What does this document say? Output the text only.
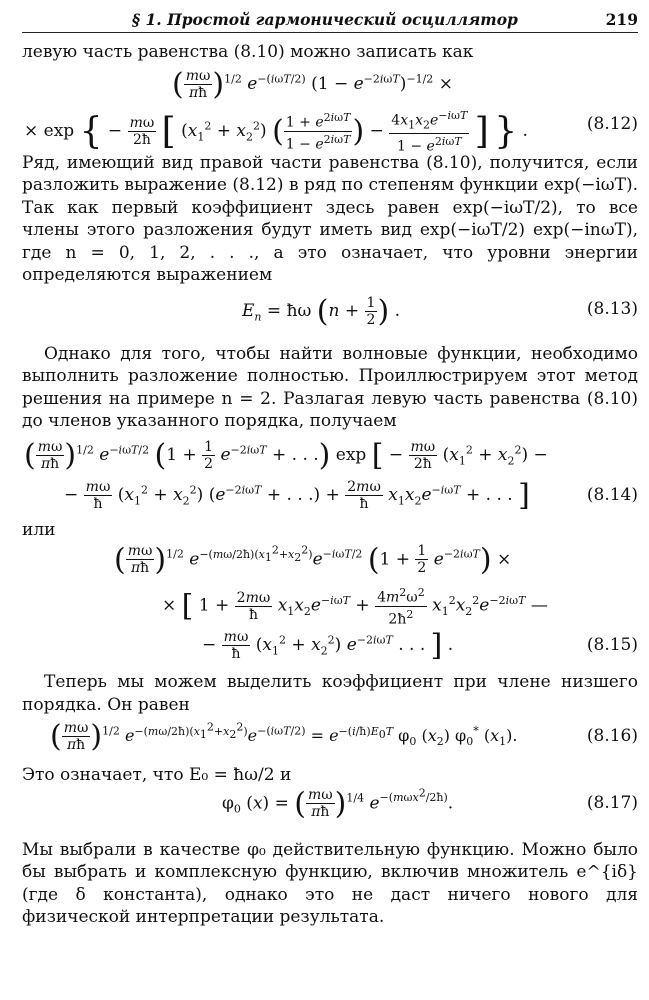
§ 1. Простой гармонический осциллятор	219

левую часть равенства (8.10) можно записать как

( $\frac{m\omega}{\pi ħ} )^{1/2}$ $e^{-(i\omega T/2)}$ $(1 - e^{-2i\omega T})^{-1/2}$ ×
× exp { − $\frac{m\omega}{2ħ}$ [ $(x_1^2 + x_2^2)$ ( $\frac{1 + e^{2i\omega T}}{1 - e^{2i\omega T}}$ ) − $\frac{4x_1x_2e^{-i\omega T}}{1 - e^{2i\omega T}}$ ] } .	(8.12)

Ряд, имеющий вид правой части равенства (8.10), получится, если разложить выражение (8.12) в ряд по степеням функции exp(−iωT). Так как первый коэффициент здесь равен exp(−iωT/2), то все члены этого разложения будут иметь вид exp(−iωT/2) exp(−inωT), где n = 0, 1, 2, . . ., а это означает, что уровни энергии определяются выражением

$E_n$ = ħω ($n + \frac{1}{2}$ ) .	(8.13)

Однако для того, чтобы найти волновые функции, необходимо выполнить разложение полностью. Проиллюстрируем этот метод решения на примере n = 2. Разлагая левую часть равенства (8.10) до членов указанного порядка, получаем

( $\frac{m\omega}{\pi ħ} )^{1/2}$ $e^{-i\omega T/2}$ ($1 + \frac{1}{2} e^{-2i\omega T}$ + . . .) exp [ − $\frac{m\omega}{2ħ} (x_1^2 + x_2^2)$ −
− $\frac{m\omega}{ħ} (x_1^2 + x_2^2) (e^{-2i\omega T}$ + . . .) + $\frac{2m\omega}{ħ} x_1x_2e^{-i\omega T}$ + . . . ]	(8.14)

или

( $\frac{m\omega}{\pi ħ} )^{1/2}$ $e^{-(m\omega/2ħ)(x_1^2+x_2^2)}e^{-i\omega T/2}$ $(1 + \frac{1}{2} e^{-2i\omega T})$ ×
× [ $1 + \frac{2m\omega}{ħ} x_1x_2e^{-i\omega T} + \frac{4m^2\omega^2}{2ħ^2} x_1^2x_2^2e^{-2i\omega T}$ —
− $\frac{m\omega}{ħ} (x_1^2 + x_2^2)$ $e^{-2i\omega T}$ . . . ] .	(8.15)

Теперь мы можем выделить коэффициент при члене низшего порядка. Он равен

( $\frac{m\omega}{\pi ħ} )^{1/2}$ $e^{-(m\omega/2ħ)(x_1^2+x_2^2)}e^{-(i\omega T/2)} = e^{-(i/ħ)E_0T}$ $\varphi_0$ $(x_2)$ $\varphi_0^*$ $(x_1)$.	(8.16)

Это означает, что E₀ = ħω/2 и

$\varphi_0$ (x) = ( $\frac{m\omega}{\pi ħ} )^{1/4}$ $e^{-(m\omega x^2/2ħ)}$.	(8.17)

Мы выбрали в качестве φ₀ действительную функцию. Можно было бы выбрать и комплексную функцию, включив множитель e^{iδ} (где δ константа), однако это не даст ничего нового для физической интерпретации результата.
